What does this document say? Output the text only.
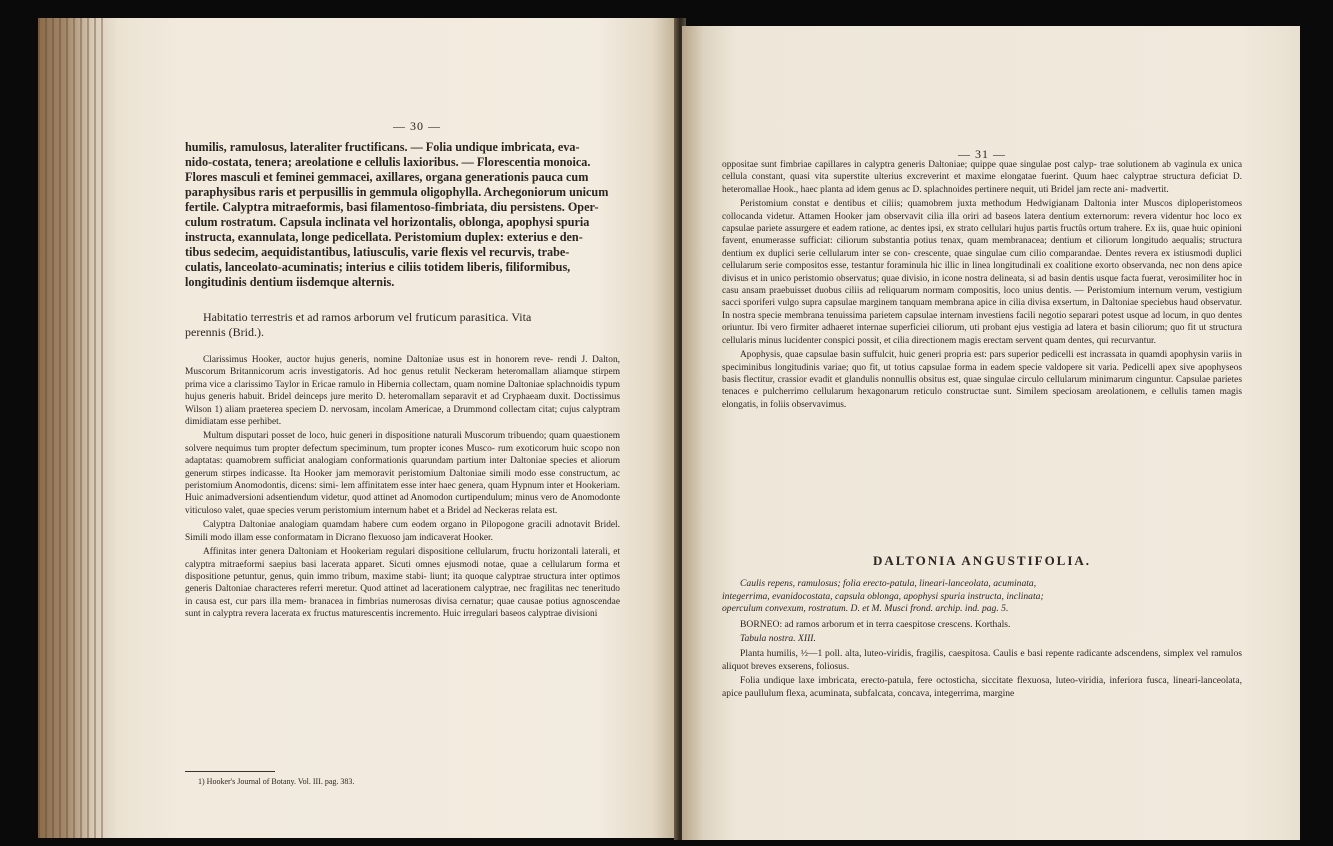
— 30 —
humilis, ramulosus, lateraliter fructificans. — Folia undique imbricata, eva-
nido-costata, tenera; areolatione e cellulis laxioribus. — Florescentia monoica.
Flores masculi et feminei gemmacei, axillares, organa generationis pauca cum
paraphysibus raris et perpusillis in gemmula oligophylla. Archegoniorum unicum
fertile. Calyptra mitraeformis, basi filamentoso-fimbriata, diu persistens. Oper-
culum rostratum. Capsula inclinata vel horizontalis, oblonga, apophysi spuria
instructa, exannulata, longe pedicellata. Peristomium duplex: exterius e den-
tibus sedecim, aequidistantibus, latiusculis, varie flexis vel recurvis, trabe-
culatis, lanceolato-acuminatis; interius e ciliis totidem liberis, filiformibus,
longitudinis dentium iisdemque alternis.
Habitatio terrestris et ad ramos arborum vel fruticum parasitica. Vita
perennis (Brid.).

Clarissimus Hooker, auctor hujus generis, nomine Daltoniae usus est in honorem reve- rendi J. Dalton, Muscorum Britannicorum acris investigatoris. Ad hoc genus retulit Neckeram heteromallam aliamque stirpem prima vice a clarissimo Taylor in Ericae ramulo in Hibernia collectam, quam nomine Daltoniae splachnoidis typum hujus generis habuit. Bridel deinceps jure merito D. heteromallam separavit et ad Cryphaeam duxit. Doctissimus Wilson 1) aliam praeterea speciem D. nervosam, incolam Americae, a Drummond collectam citat; cujus calyptram dimidiatam esse perhibet.

Multum disputari posset de loco, huic generi in dispositione naturali Muscorum tribuendo; quam quaestionem solvere nequimus tum propter defectum speciminum, tum propter icones Musco- rum exoticorum huic scopo non adaptatas: quamobrem sufficiat analogiam conformationis quarundam partium inter Daltoniae species et aliorum generum stirpes indicasse. Ita Hooker jam memoravit peristomium Daltoniae simili modo esse constructum, ac peristomium Anomodontis, dicens: simi- lem affinitatem esse inter haec genera, quam Hypnum inter et Hookeriam. Huic animadversioni adsentiendum videtur, quod attinet ad Anomodon curtipendulum; minus vero de Anomodonte viticuloso valet, quae species verum peristomium internum habet et a Bridel ad Neckeras relata est.

Calyptra Daltoniae analogiam quamdam habere cum eodem organo in Pilopogone gracili adnotavit Bridel. Simili modo illam esse conformatam in Dicrano flexuoso jam indicaverat Hooker.

Affinitas inter genera Daltoniam et Hookeriam regulari dispositione cellularum, fructu horizontali laterali, et calyptra mitraeformi saepius basi lacerata apparet. Sicuti omnes ejusmodi notae, quae a cellularum forma et dispositione petuntur, genus, quin immo tribum, maxime stabi- liunt; ita quoque calyptrae structura inter optimos generis Daltoniae characteres referri meretur. Quod attinet ad lacerationem calyptrae, nec fragilitas nec teneritudo in causa est, cur pars illa mem- branacea in fimbrias numerosas divisa cernatur; quae causae potius agnoscendae sunt in calyptra revera lacerata ex fructus maturescentis incremento. Huic irregulari baseos calyptrae divisioni

1) Hooker's Journal of Botany. Vol. III. pag. 383.
— 31 —

oppositae sunt fimbriae capillares in calyptra generis Daltoniae; quippe quae singulae post calyp- trae solutionem ab vaginula ex unica cellula constant, quasi vita superstite ulterius excreverint et maxime elongatae fuerint. Quum haec calyptrae structura deficiat D. heteromallae Hook., haec planta ad idem genus ac D. splachnoides pertinere nequit, uti Bridel jam recte ani- madvertit.

Peristomium constat e dentibus et ciliis; quamobrem juxta methodum Hedwigianam Daltonia inter Muscos diploperistomeos collocanda videtur. Attamen Hooker jam observavit cilia illa oriri ad baseos latera dentium externorum: revera videntur hoc loco ex capsulae pariete assurgere et eadem ratione, ac dentes ipsi, ex strato cellulari hujus partis fructûs ortum trahere. Ex iis, quae huic opinioni favent, enumerasse sufficiat: ciliorum substantia potius tenax, quam membranacea; dentium et ciliorum longitudo aequalis; structura dentium ex duplici serie cellularum inter se con- crescente, quae singulae cum cilio comparandae. Dentes revera ex istiusmodi duplici cellularum serie compositos esse, testantur foraminula hic illic in linea longitudinali ex coalitione exorto observanda, nec non dens apice divisus et in unico peristomio observatus; quae divisio, in icone nostra delineata, si ad basin dentis usque facta fuerat, verosimiliter hoc in casu ansam praebuisset duobus ciliis ad reliquarum normam compositis, loco unius dentis. — Peristomium internum verum, vestigium sacci sporiferi vulgo supra capsulae marginem tanquam membrana apice in cilia divisa exsertum, in Daltoniae speciebus haud observatur. In nostra specie membrana tenuissima parietem capsulae internam investiens facili negotio separari potest usque ad locum, in quo dentes oriuntur. Ibi vero firmiter adhaeret internae superficiei ciliorum, uti probant ejus vestigia ad latera et basin ciliorum; quo fit ut structura cellularis minus lucidenter conspici possit, et cilia directionem magis erectam servent quam dentes, qui recurvantur.

Apophysis, quae capsulae basin suffulcit, huic generi propria est: pars superior pedicelli est incrassata in quamdi apophysin variis in speciminibus longitudinis variae; quo fit, ut totius capsulae forma in eadem specie valdopere sit varia. Pedicelli apex sive apophyseos basis flectitur, crassior evadit et glandulis nonnullis obsitus est, quae singulae circulo cellularum minimarum cinguntur. Capsulae parietes tenaces e pulcherrimo cellularum hexagonarum reticulo constructae sunt. Similem speciosam areolationem, e cellulis tamen magis elongatis, in foliis observavimus.

DALTONIA ANGUSTIFOLIA.
Caulis repens, ramulosus; folia erecto-patula, lineari-lanceolata, acuminata,
integerrima, evanidocostata, capsula oblonga, apophysi spuria instructa, inclinata;
operculum convexum, rostratum. D. et M. Musci frond. archip. ind. pag. 5.

BORNEO: ad ramos arborum et in terra caespitose crescens. Korthals.

Tabula nostra. XIII.

Planta humilis, ½—1 poll. alta, luteo-viridis, fragilis, caespitosa. Caulis e basi repente radicante adscendens, simplex vel ramulos aliquot breves exserens, foliosus.

Folia undique laxe imbricata, erecto-patula, fere octosticha, siccitate flexuosa, luteo-viridia, inferiora fusca, lineari-lanceolata, apice paullulum flexa, acuminata, subfalcata, concava, integerrima, margine
